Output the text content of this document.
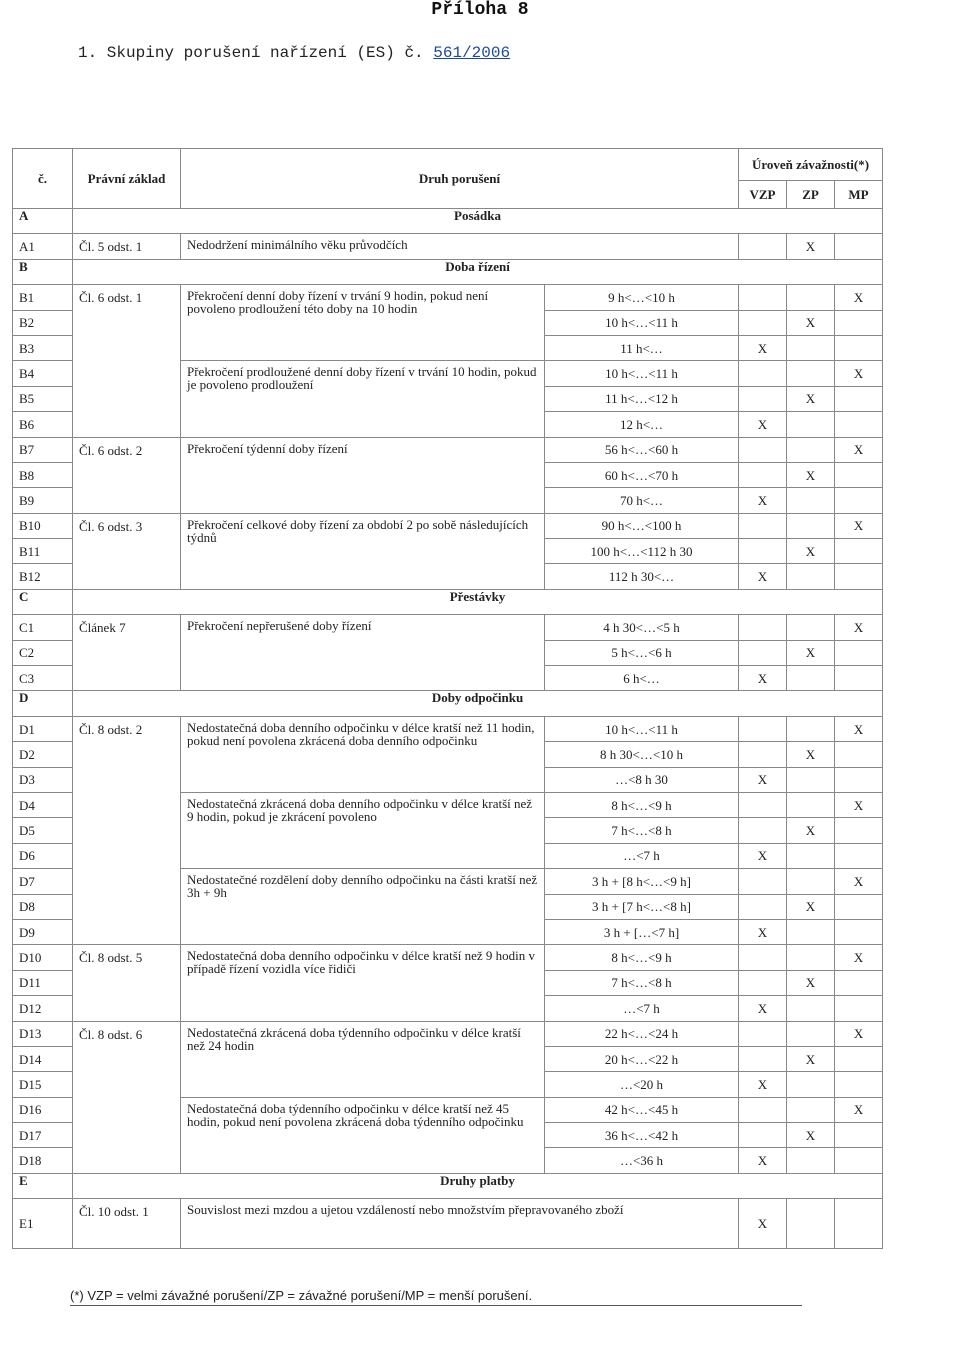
Příloha 8
1. Skupiny porušení nařízení (ES) č. 561/2006
č.	Právní základ	Druh porušení		Úroveň závažnosti(*)		
				VZP	ZP	MP
A	Posádka					
A1	Čl. 5 odst. 1	Nedodržení minimálního věku průvodčích			X	
B	Doba řízení					
B1	Čl. 6 odst. 1	Překročení denní doby řízení v trvání 9 hodin, pokud není povoleno prodloužení této doby na 10 hodin	9 h<…<10 h			X
B2			10 h<…<11 h		X	
B3			11 h<…	X		
B4		Překročení prodloužené denní doby řízení v trvání 10 hodin, pokud je povoleno prodloužení	10 h<…<11 h			X
B5			11 h<…<12 h		X	
B6			12 h<…	X		
B7	Čl. 6 odst. 2	Překročení týdenní doby řízení	56 h<…<60 h			X
B8			60 h<…<70 h		X	
B9			70 h<…	X		
B10	Čl. 6 odst. 3	Překročení celkové doby řízení za období 2 po sobě následujících týdnů	90 h<…<100 h			X
B11			100 h<…<112 h 30		X	
B12			112 h 30<…	X		
C	Přestávky					
C1	Článek 7	Překročení nepřerušené doby řízení	4 h 30<…<5 h			X
C2			5 h<…<6 h		X	
C3			6 h<…	X		
D	Doby odpočinku					
D1	Čl. 8 odst. 2	Nedostatečná doba denního odpočinku v délce kratší než 11 hodin, pokud není povolena zkrácená doba denního odpočinku	10 h<…<11 h			X
D2			8 h 30<…<10 h		X	
D3			…<8 h 30	X		
D4		Nedostatečná zkrácená doba denního odpočinku v délce kratší než 9 hodin, pokud je zkrácení povoleno	8 h<…<9 h			X
D5			7 h<…<8 h		X	
D6			…<7 h	X		
D7		Nedostatečné rozdělení doby denního odpočinku na části kratší než 3h + 9h	3 h + [8 h<…<9 h]			X
D8			3 h + [7 h<…<8 h]		X	
D9			3 h + […<7 h]	X		
D10	Čl. 8 odst. 5	Nedostatečná doba denního odpočinku v délce kratší než 9 hodin v případě řízení vozidla více řidiči	8 h<…<9 h			X
D11			7 h<…<8 h		X	
D12			…<7 h	X		
D13	Čl. 8 odst. 6	Nedostatečná zkrácená doba týdenního odpočinku v délce kratší než 24 hodin	22 h<…<24 h			X
D14			20 h<…<22 h		X	
D15			…<20 h	X		
D16		Nedostatečná doba týdenního odpočinku v délce kratší než 45 hodin, pokud není povolena zkrácená doba týdenního odpočinku	42 h<…<45 h			X
D17			36 h<…<42 h		X	
D18			…<36 h	X		
E	Druhy platby					
E1	Čl. 10 odst. 1	Souvislost mezi mzdou a ujetou vzdáleností nebo množstvím přepravovaného zboží		X		
(*) VZP = velmi závažné porušení/ZP = závažné porušení/MP = menší porušení.
